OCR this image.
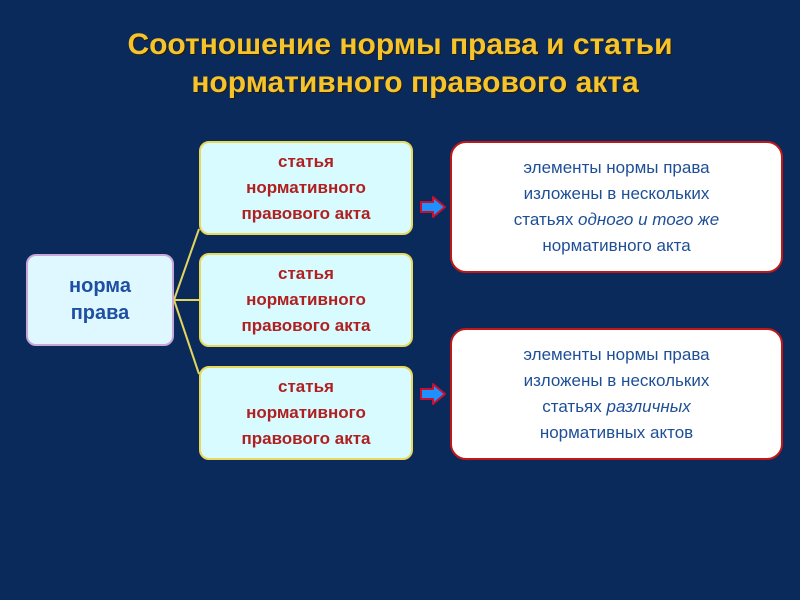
Соотношение нормы права и статьи
нормативного правового акта
норма
права
статья
нормативного
правового акта
статья
нормативного
правового акта
статья
нормативного
правового акта
элементы нормы права
изложены в нескольких
статьях одного и того же
нормативного акта
элементы нормы права
изложены в нескольких
статьях различных
нормативных актов
